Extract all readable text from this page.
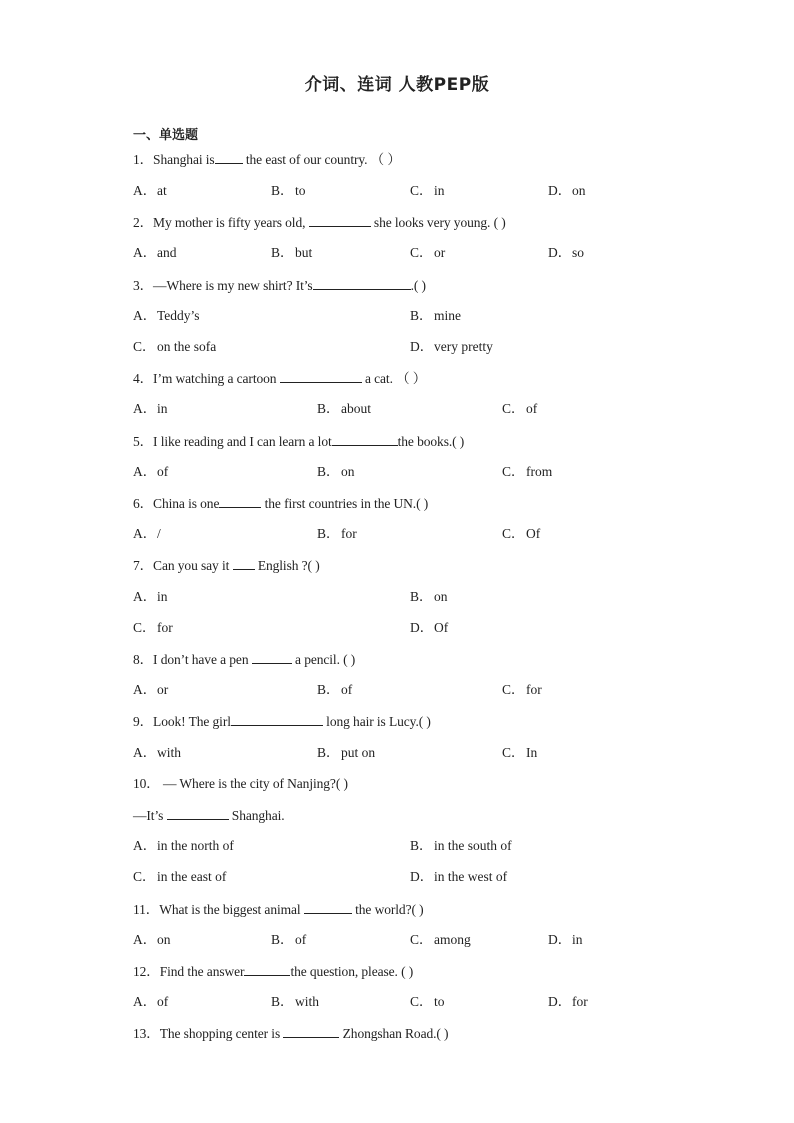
介词、连词 人教PEP版
一、单选题
1．Shanghai is the east of our country. （ ）
A．at	B．to	C．in	D．on
2．My mother is fifty years old,	she looks very young. ( )
A．and	B．but	C．or	D．so
3．—Where is my new shirt? It’s	.( )
A．Teddy’s	B．mine
C．on the sofa	D．very pretty
4．I’m watching a cartoon	a cat. （ ）
A．in	B．about	C．of
5．I like reading and I can learn a lot	the books.( )
A．of	B．on	C．from
6．China is one	the first countries in the UN.( )
A．/	B．for	C．Of
7．Can you say it  English ?( )
A．in	B．on
C．for	D．Of
8．I don’t have a pen	a pencil. ( )
A．or	B．of	C．for
9．Look! The girl	long hair is Lucy.( )
A．with	B．put on	C．In
10． — Where is the city of Nanjing?( )
—It’s	Shanghai.
A．in the north of	B．in the south of
C．in the east of	D．in the west of
11．What is the biggest animal	the world?( )
A．on	B．of	C．among	D．in
12．Find the answer	the question, please. ( )
A．of	B．with	C．to	D．for
13．The shopping center is	Zhongshan Road.( )
